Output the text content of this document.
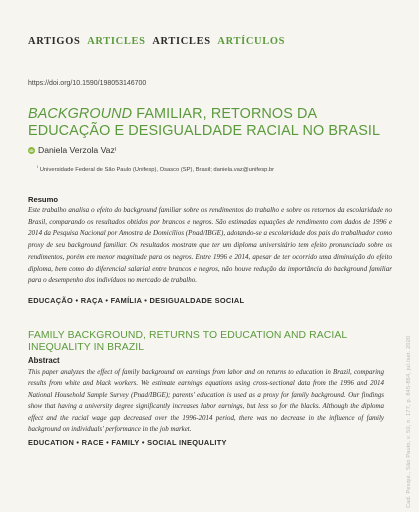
ARTIGOS ARTICLES ARTICLES ARTÍCULOS
https://doi.org/10.1590/198053146700
BACKGROUND FAMILIAR, RETORNOS DA EDUCAÇÃO E DESIGUALDADE RACIAL NO BRASIL
iD Daniela Verzola Vaz I
$^I$ Universidade Federal de São Paulo (Unifesp), Osasco (SP), Brasil; daniela.vaz@unifesp.br
Resumo
Este trabalho analisa o efeito do background familiar sobre os rendimentos do trabalho e sobre os retornos da escolaridade no Brasil, comparando os resultados obtidos por brancos e negros. São estimadas equações de rendimento com dados de 1996 e 2014 da Pesquisa Nacional por Amostra de Domicílios (Pnad/IBGE), adotando-se a escolaridade dos pais do trabalhador como proxy de seu background familiar. Os resultados mostram que ter um diploma universitário tem efeito pronunciado sobre os rendimentos, porém em menor magnitude para os negros. Entre 1996 e 2014, apesar de ter ocorrido uma diminuição do efeito diploma, bem como do diferencial salarial entre brancos e negros, não houve redução da importância do background familiar para o desempenho dos indivíduos no mercado de trabalho.
EDUCAÇÃO • RAÇA • FAMÍLIA • DESIGUALDADE SOCIAL
FAMILY BACKGROUND, RETURNS TO EDUCATION AND RACIAL INEQUALITY IN BRAZIL
Abstract
This paper analyzes the effect of family background on earnings from labor and on returns to education in Brazil, comparing results from white and black workers. We estimate earnings equations using cross-sectional data from the 1996 and 2014 National Household Sample Survey (Pnad/IBGE); parents' education is used as a proxy for family background. Our findings show that having a university degree significantly increases labor earnings, but less so for the blacks. Although the diploma effect and the racial wage gap decreased over the 1996-2014 period, there was no decrease in the influence of family background on individuals' performance in the job market.
EDUCATION • RACE • FAMILY • SOCIAL INEQUALITY	Cad. Pesqui., São Paulo, v. 50, n. 177, p. 845-864, jul./set. 2020
